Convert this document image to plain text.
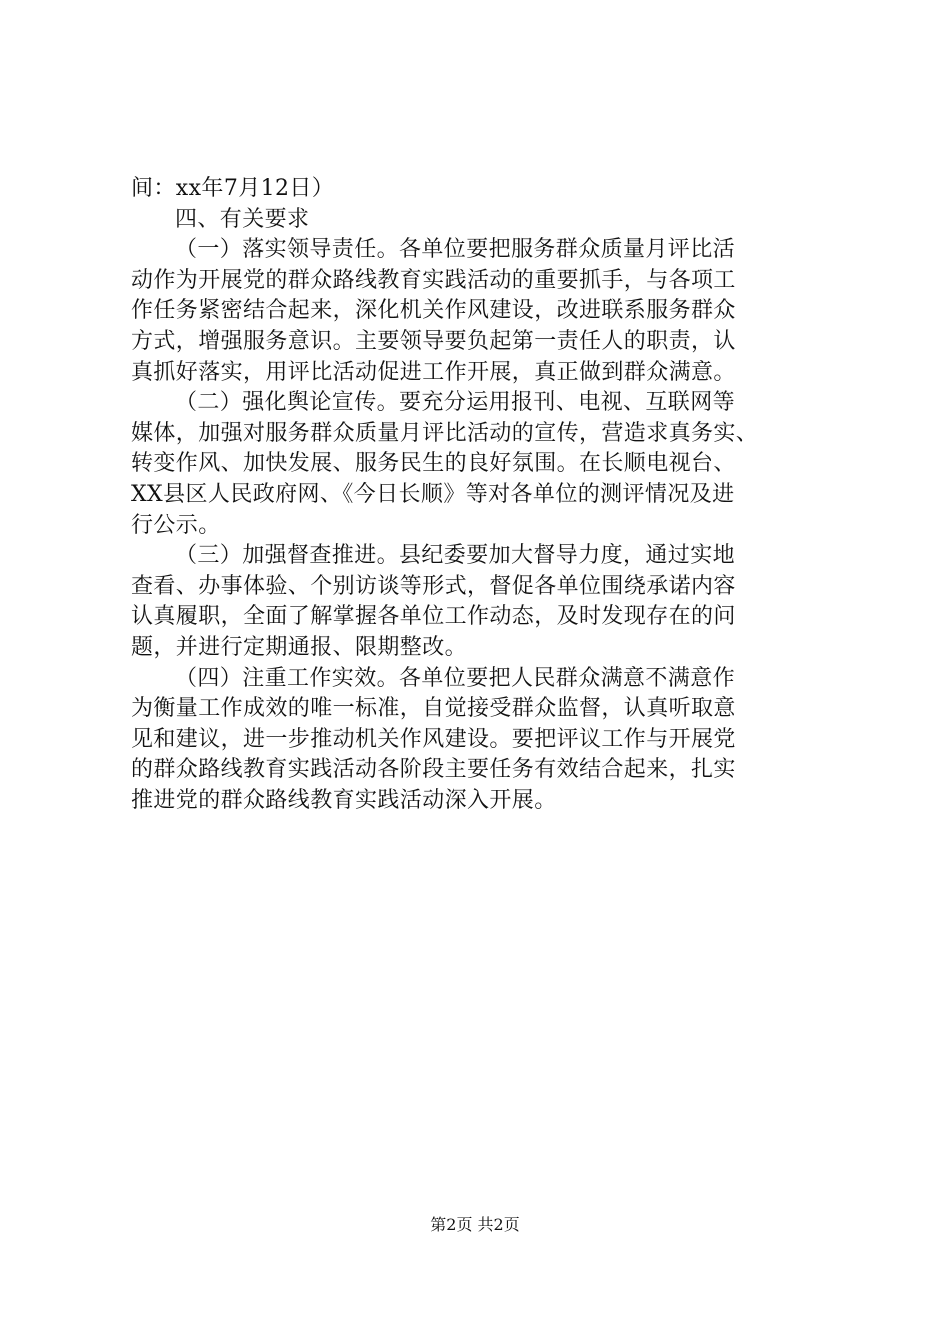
间：xx年7月12日）
四、有关要求
（一）落实领导责任。各单位要把服务群众质量月评比活
动作为开展党的群众路线教育实践活动的重要抓手，与各项工
作任务紧密结合起来，深化机关作风建设，改进联系服务群众
方式，增强服务意识。主要领导要负起第一责任人的职责，认
真抓好落实，用评比活动促进工作开展，真正做到群众满意。
（二）强化舆论宣传。要充分运用报刊、电视、互联网等
媒体，加强对服务群众质量月评比活动的宣传，营造求真务实、
转变作风、加快发展、服务民生的良好氛围。在长顺电视台、
XX县区人民政府网、《今日长顺》等对各单位的测评情况及进
行公示。
（三）加强督查推进。县纪委要加大督导力度，通过实地
查看、办事体验、个别访谈等形式，督促各单位围绕承诺内容
认真履职，全面了解掌握各单位工作动态，及时发现存在的问
题，并进行定期通报、限期整改。
（四）注重工作实效。各单位要把人民群众满意不满意作
为衡量工作成效的唯一标准，自觉接受群众监督，认真听取意
见和建议，进一步推动机关作风建设。要把评议工作与开展党
的群众路线教育实践活动各阶段主要任务有效结合起来，扎实
推进党的群众路线教育实践活动深入开展。
第2页 共2页
